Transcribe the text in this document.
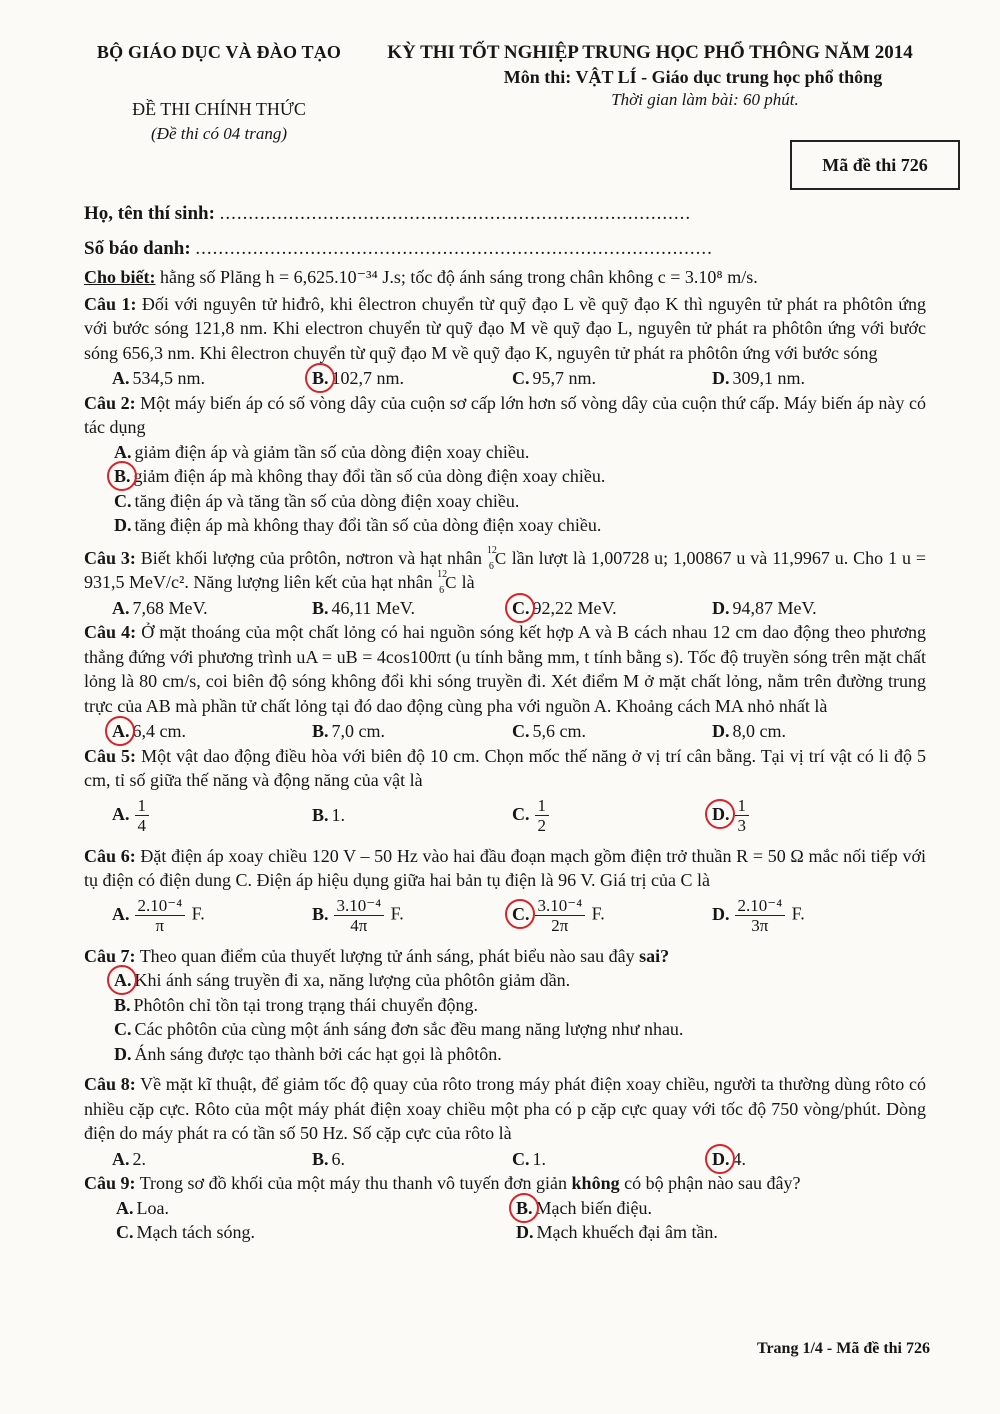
BỘ GIÁO DỤC VÀ ĐÀO TẠO
ĐỀ THI CHÍNH THỨC
(Đề thi có 04 trang)
KỲ THI TỐT NGHIỆP TRUNG HỌC PHỔ THÔNG NĂM 2014
Môn thi: VẬT LÍ - Giáo dục trung học phổ thông
Thời gian làm bài: 60 phút.
Mã đề thi 726
Họ, tên thí sinh: ..................................................................................
Số báo danh: ..........................................................................................
Cho biết: hằng số Plăng h = 6,625.10⁻³⁴ J.s; tốc độ ánh sáng trong chân không c = 3.10⁸ m/s.
Câu 1: Đối với nguyên tử hiđrô, khi êlectron chuyển từ quỹ đạo L về quỹ đạo K thì nguyên tử phát ra phôtôn ứng với bước sóng 121,8 nm. Khi electron chuyển từ quỹ đạo M về quỹ đạo L, nguyên tử phát ra phôtôn ứng với bước sóng 656,3 nm. Khi êlectron chuyển từ quỹ đạo M về quỹ đạo K, nguyên tử phát ra phôtôn ứng với bước sóng
A. 534,5 nm.	B. 102,7 nm.	C. 95,7 nm.	D. 309,1 nm.
Câu 2: Một máy biến áp có số vòng dây của cuộn sơ cấp lớn hơn số vòng dây của cuộn thứ cấp. Máy biến áp này có tác dụng
A. giảm điện áp và giảm tần số của dòng điện xoay chiều.
B. giảm điện áp mà không thay đổi tần số của dòng điện xoay chiều.
C. tăng điện áp và tăng tần số của dòng điện xoay chiều.
D. tăng điện áp mà không thay đổi tần số của dòng điện xoay chiều.
Câu 3: Biết khối lượng của prôtôn, nơtron và hạt nhân 12
6 C lần lượt là 1,00728 u; 1,00867 u và 11,9967 u. Cho 1 u = 931,5 MeV/c². Năng lượng liên kết của hạt nhân 12
6 C là
A. 7,68 MeV.	B. 46,11 MeV.	C. 92,22 MeV.	D. 94,87 MeV.
Câu 4: Ở mặt thoáng của một chất lỏng có hai nguồn sóng kết hợp A và B cách nhau 12 cm dao động theo phương thẳng đứng với phương trình uA = uB = 4cos100πt (u tính bằng mm, t tính bằng s). Tốc độ truyền sóng trên mặt chất lỏng là 80 cm/s, coi biên độ sóng không đổi khi sóng truyền đi. Xét điểm M ở mặt chất lỏng, nằm trên đường trung trực của AB mà phần tử chất lỏng tại đó dao động cùng pha với nguồn A. Khoảng cách MA nhỏ nhất là
A. 6,4 cm.	B. 7,0 cm.	C. 5,6 cm.	D. 8,0 cm.
Câu 5: Một vật dao động điều hòa với biên độ 10 cm. Chọn mốc thế năng ở vị trí cân bằng. Tại vị trí vật có li độ 5 cm, tỉ số giữa thế năng và động năng của vật là
A. $\frac{1}{4}$	B. 1.	C. $\frac{1}{2}$	D. $\frac{1}{3}$
Câu 6: Đặt điện áp xoay chiều 120 V – 50 Hz vào hai đầu đoạn mạch gồm điện trở thuần R = 50 Ω mắc nối tiếp với tụ điện có điện dung C. Điện áp hiệu dụng giữa hai bản tụ điện là 96 V. Giá trị của C là
A. $\frac{\text{2.10⁻⁴}}{\pi} F$.	B. $\frac{\text{3.10⁻⁴}}{4\pi} F$.	C. $\frac{\text{3.10⁻⁴}}{2\pi} F$.	D. $\frac{\text{2.10⁻⁴}}{3\pi} F$.
Câu 7: Theo quan điểm của thuyết lượng tử ánh sáng, phát biểu nào sau đây sai?
A. Khi ánh sáng truyền đi xa, năng lượng của phôtôn giảm dần.
B. Phôtôn chỉ tồn tại trong trạng thái chuyển động.
C. Các phôtôn của cùng một ánh sáng đơn sắc đều mang năng lượng như nhau.
D. Ánh sáng được tạo thành bởi các hạt gọi là phôtôn.
Câu 8: Về mặt kĩ thuật, để giảm tốc độ quay của rôto trong máy phát điện xoay chiều, người ta thường dùng rôto có nhiều cặp cực. Rôto của một máy phát điện xoay chiều một pha có p cặp cực quay với tốc độ 750 vòng/phút. Dòng điện do máy phát ra có tần số 50 Hz. Số cặp cực của rôto là
A. 2.	B. 6.	C. 1.	D. 4.
Câu 9: Trong sơ đồ khối của một máy thu thanh vô tuyến đơn giản không có bộ phận nào sau đây?
A. Loa.	B. Mạch biến điệu.
C. Mạch tách sóng.	D. Mạch khuếch đại âm tần.
Trang 1/4 - Mã đề thi 726
